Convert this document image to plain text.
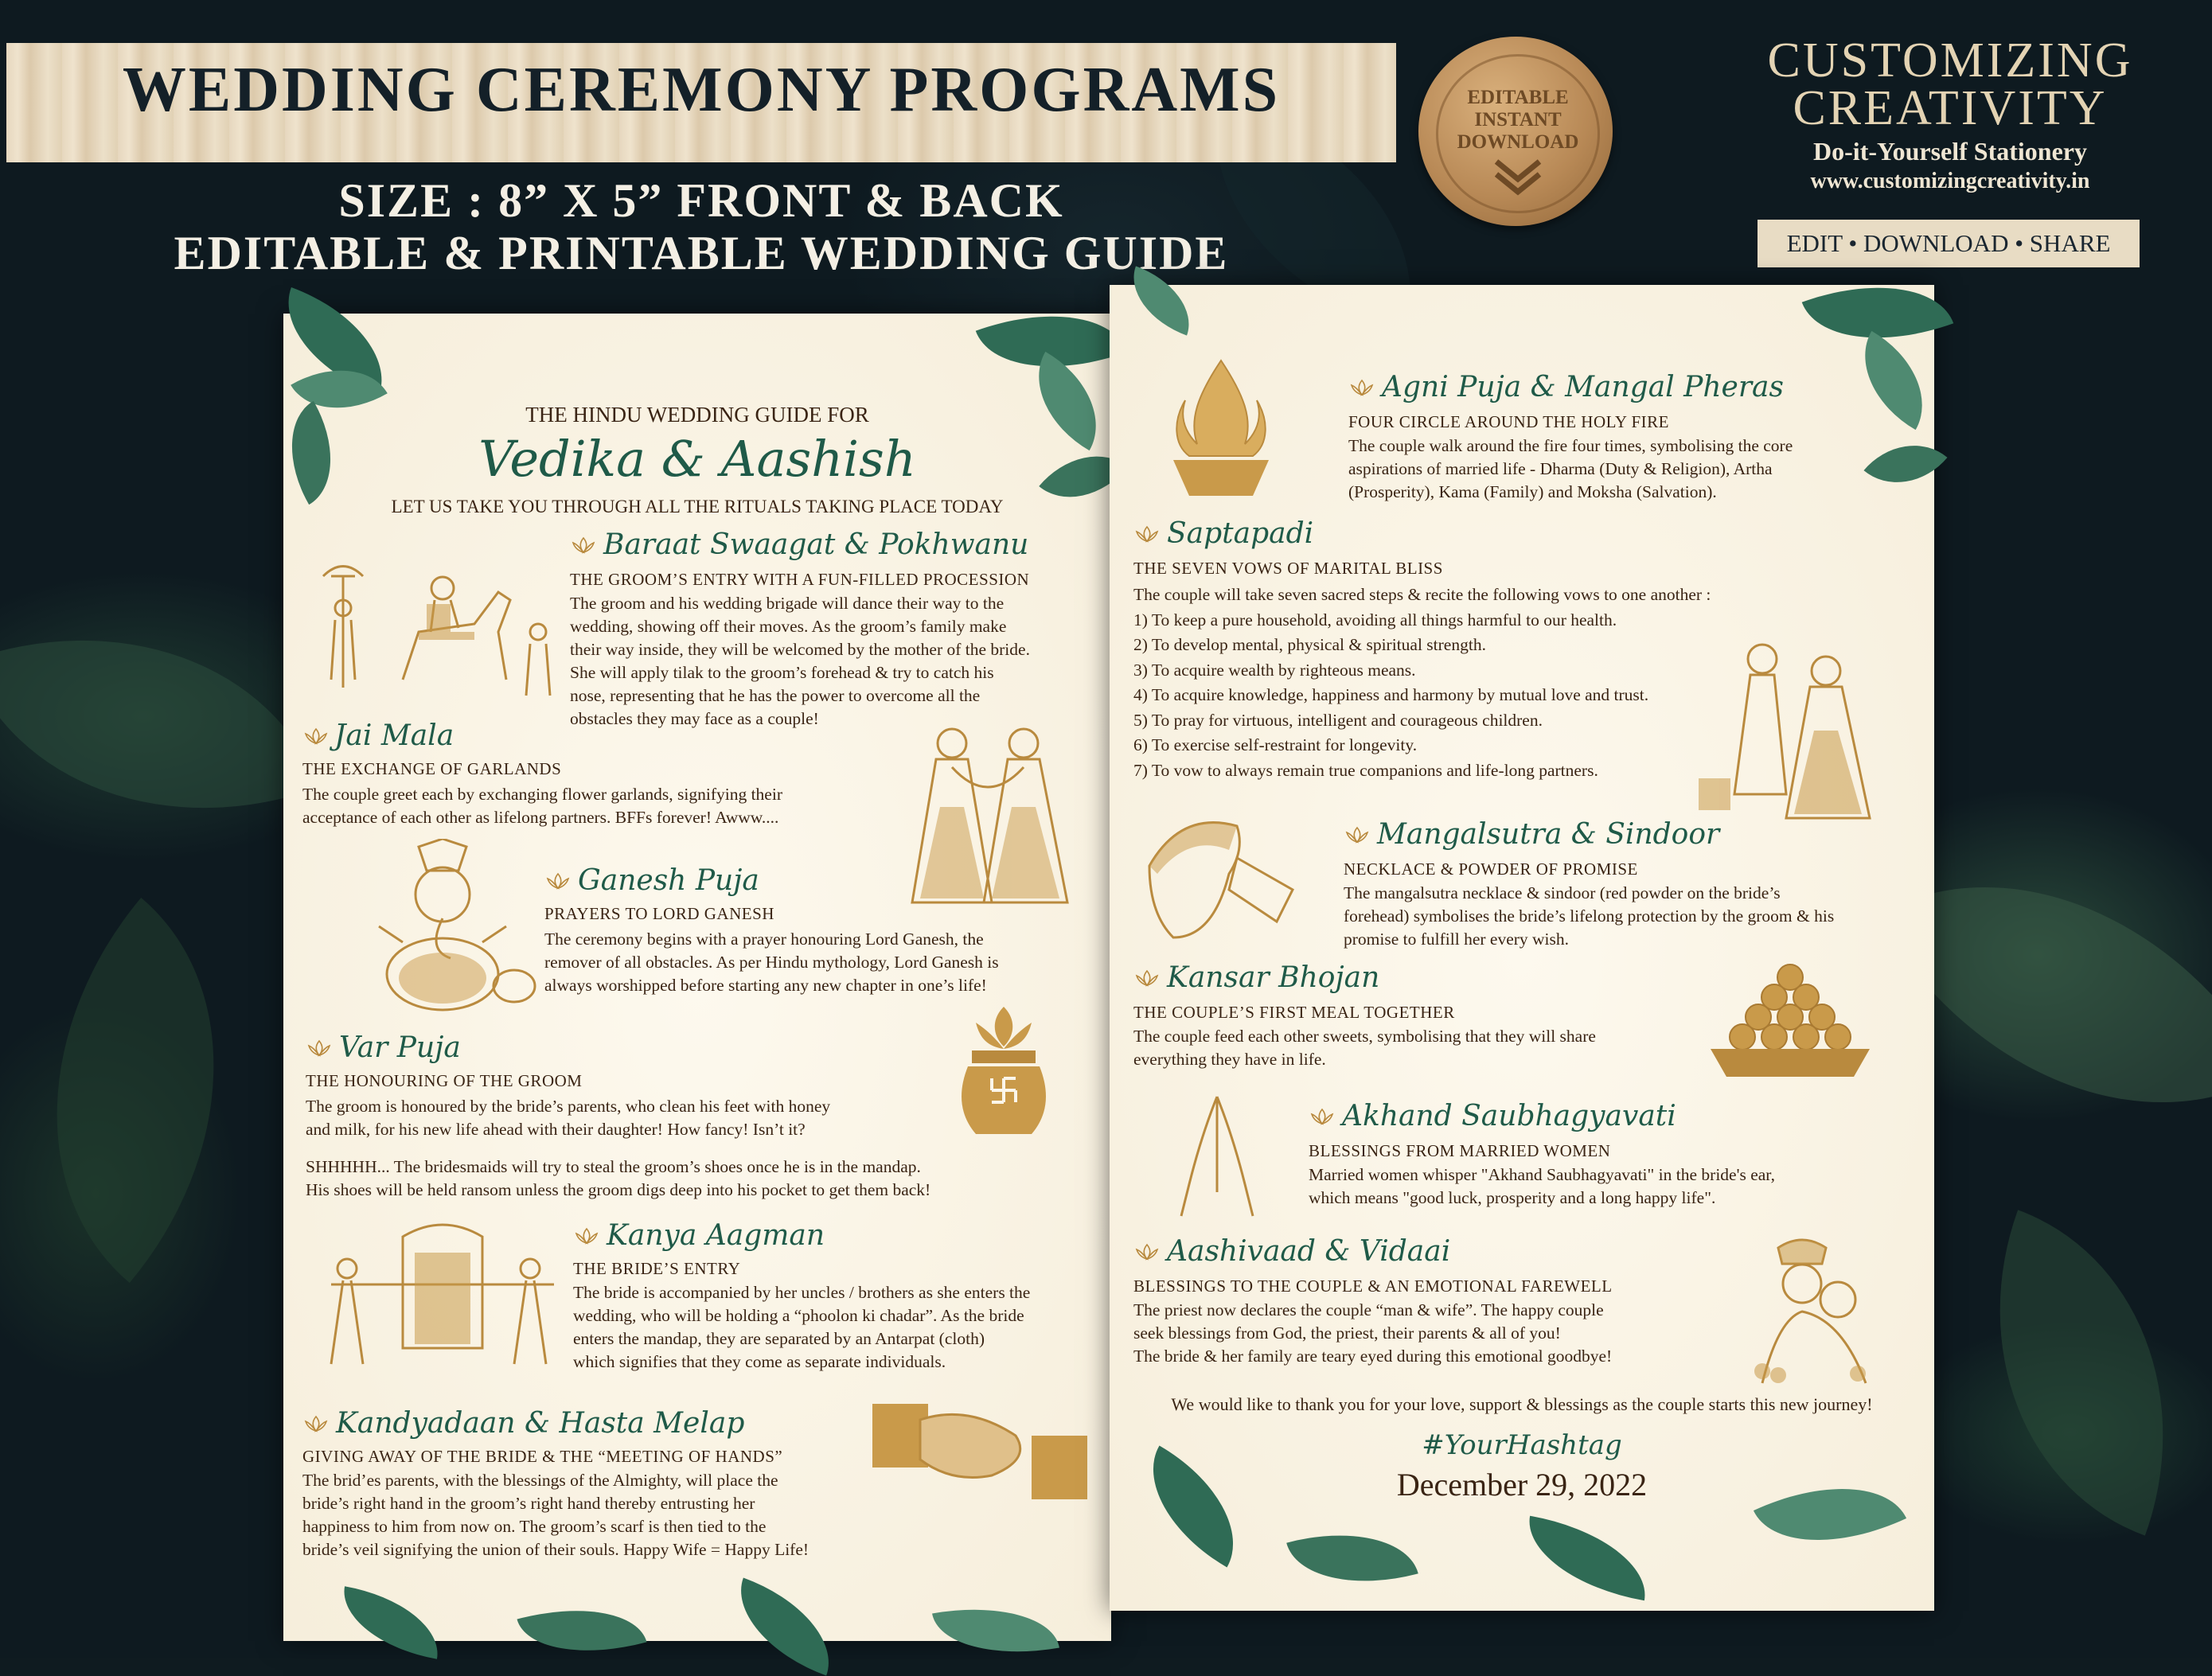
WEDDING CEREMONY PROGRAMS
SIZE : 8” X 5” FRONT & BACK
EDITABLE & PRINTABLE WEDDING GUIDE
EDITABLE
INSTANT
DOWNLOAD
CUSTOMIZING
CREATIVITY
Do-it-Yourself Stationery
www.customizingcreativity.in
EDIT • DOWNLOAD • SHARE
THE HINDU WEDDING GUIDE FOR
Vedika & Aashish
LET US TAKE YOU THROUGH ALL THE RITUALS TAKING PLACE TODAY
Baraat Swaagat & Pokhwanu
THE GROOM’S ENTRY WITH A FUN-FILLED PROCESSION
The groom and his wedding brigade will dance their way to the
wedding, showing off their moves. As the groom’s family make
their way inside, they will be welcomed by the mother of the bride.
She will apply tilak to the groom’s forehead & try to catch his
nose, representing that he has the power to overcome all the
obstacles they may face as a couple!
Jai Mala
THE EXCHANGE OF GARLANDS
The couple greet each by exchanging flower garlands, signifying their
acceptance of each other as lifelong partners. BFFs forever! Awww....
Ganesh Puja
PRAYERS TO LORD GANESH
The ceremony begins with a prayer honouring Lord Ganesh, the
remover of all obstacles. As per Hindu mythology, Lord Ganesh is
always worshipped before starting any new chapter in one’s life!
Var Puja
THE HONOURING OF THE GROOM
The groom is honoured by the bride’s parents, who clean his feet with honey
and milk, for his new life ahead with their daughter! How fancy! Isn’t it?
SHHHHH... The bridesmaids will try to steal the groom’s shoes once he is in the mandap.
His shoes will be held ransom unless the groom digs deep into his pocket to get them back!
Kanya Aagman
THE BRIDE’S ENTRY
The bride is accompanied by her uncles / brothers as she enters the
wedding, who will be holding a “phoolon ki chadar”. As the bride
enters the mandap, they are separated by an Antarpat (cloth)
which signifies that they come as separate individuals.
Kandyadaan & Hasta Melap
GIVING AWAY OF THE BRIDE & THE “MEETING OF HANDS”
The brid’es parents, with the blessings of the Almighty, will place the
bride’s right hand in the groom’s right hand thereby entrusting her
happiness to him from now on. The groom’s scarf is then tied to the
bride’s veil signifying the union of their souls. Happy Wife = Happy Life!
Agni Puja & Mangal Pheras
FOUR CIRCLE AROUND THE HOLY FIRE
The couple walk around the fire four times, symbolising the core
aspirations of married life - Dharma (Duty & Religion), Artha
(Prosperity), Kama (Family) and Moksha (Salvation).
Saptapadi
THE SEVEN VOWS OF MARITAL BLISS
The couple will take seven sacred steps & recite the following vows to one another :
1) To keep a pure household, avoiding all things harmful to our health.
2) To develop mental, physical & spiritual strength.
3) To acquire wealth by righteous means.
4) To acquire knowledge, happiness and harmony by mutual love and trust.
5) To pray for virtuous, intelligent and courageous children.
6) To exercise self-restraint for longevity.
7) To vow to always remain true companions and life-long partners.
Mangalsutra & Sindoor
NECKLACE & POWDER OF PROMISE
The mangalsutra necklace & sindoor (red powder on the bride’s
forehead) symbolises the bride’s lifelong protection by the groom & his
promise to fulfill her every wish.
Kansar Bhojan
THE COUPLE’S FIRST MEAL TOGETHER
The couple feed each other sweets, symbolising that they will share
everything they have in life.
Akhand Saubhagyavati
BLESSINGS FROM MARRIED WOMEN
Married women whisper "Akhand Saubhagyavati" in the bride's ear,
which means "good luck, prosperity and a long happy life".
Aashivaad & Vidaai
BLESSINGS TO THE COUPLE & AN EMOTIONAL FAREWELL
The priest now declares the couple “man & wife”. The happy couple
seek blessings from God, the priest, their parents & all of you!
The bride & her family are teary eyed during this emotional goodbye!
We would like to thank you for your love, support & blessings as the couple starts this new journey!
#YourHashtag
December 29, 2022
